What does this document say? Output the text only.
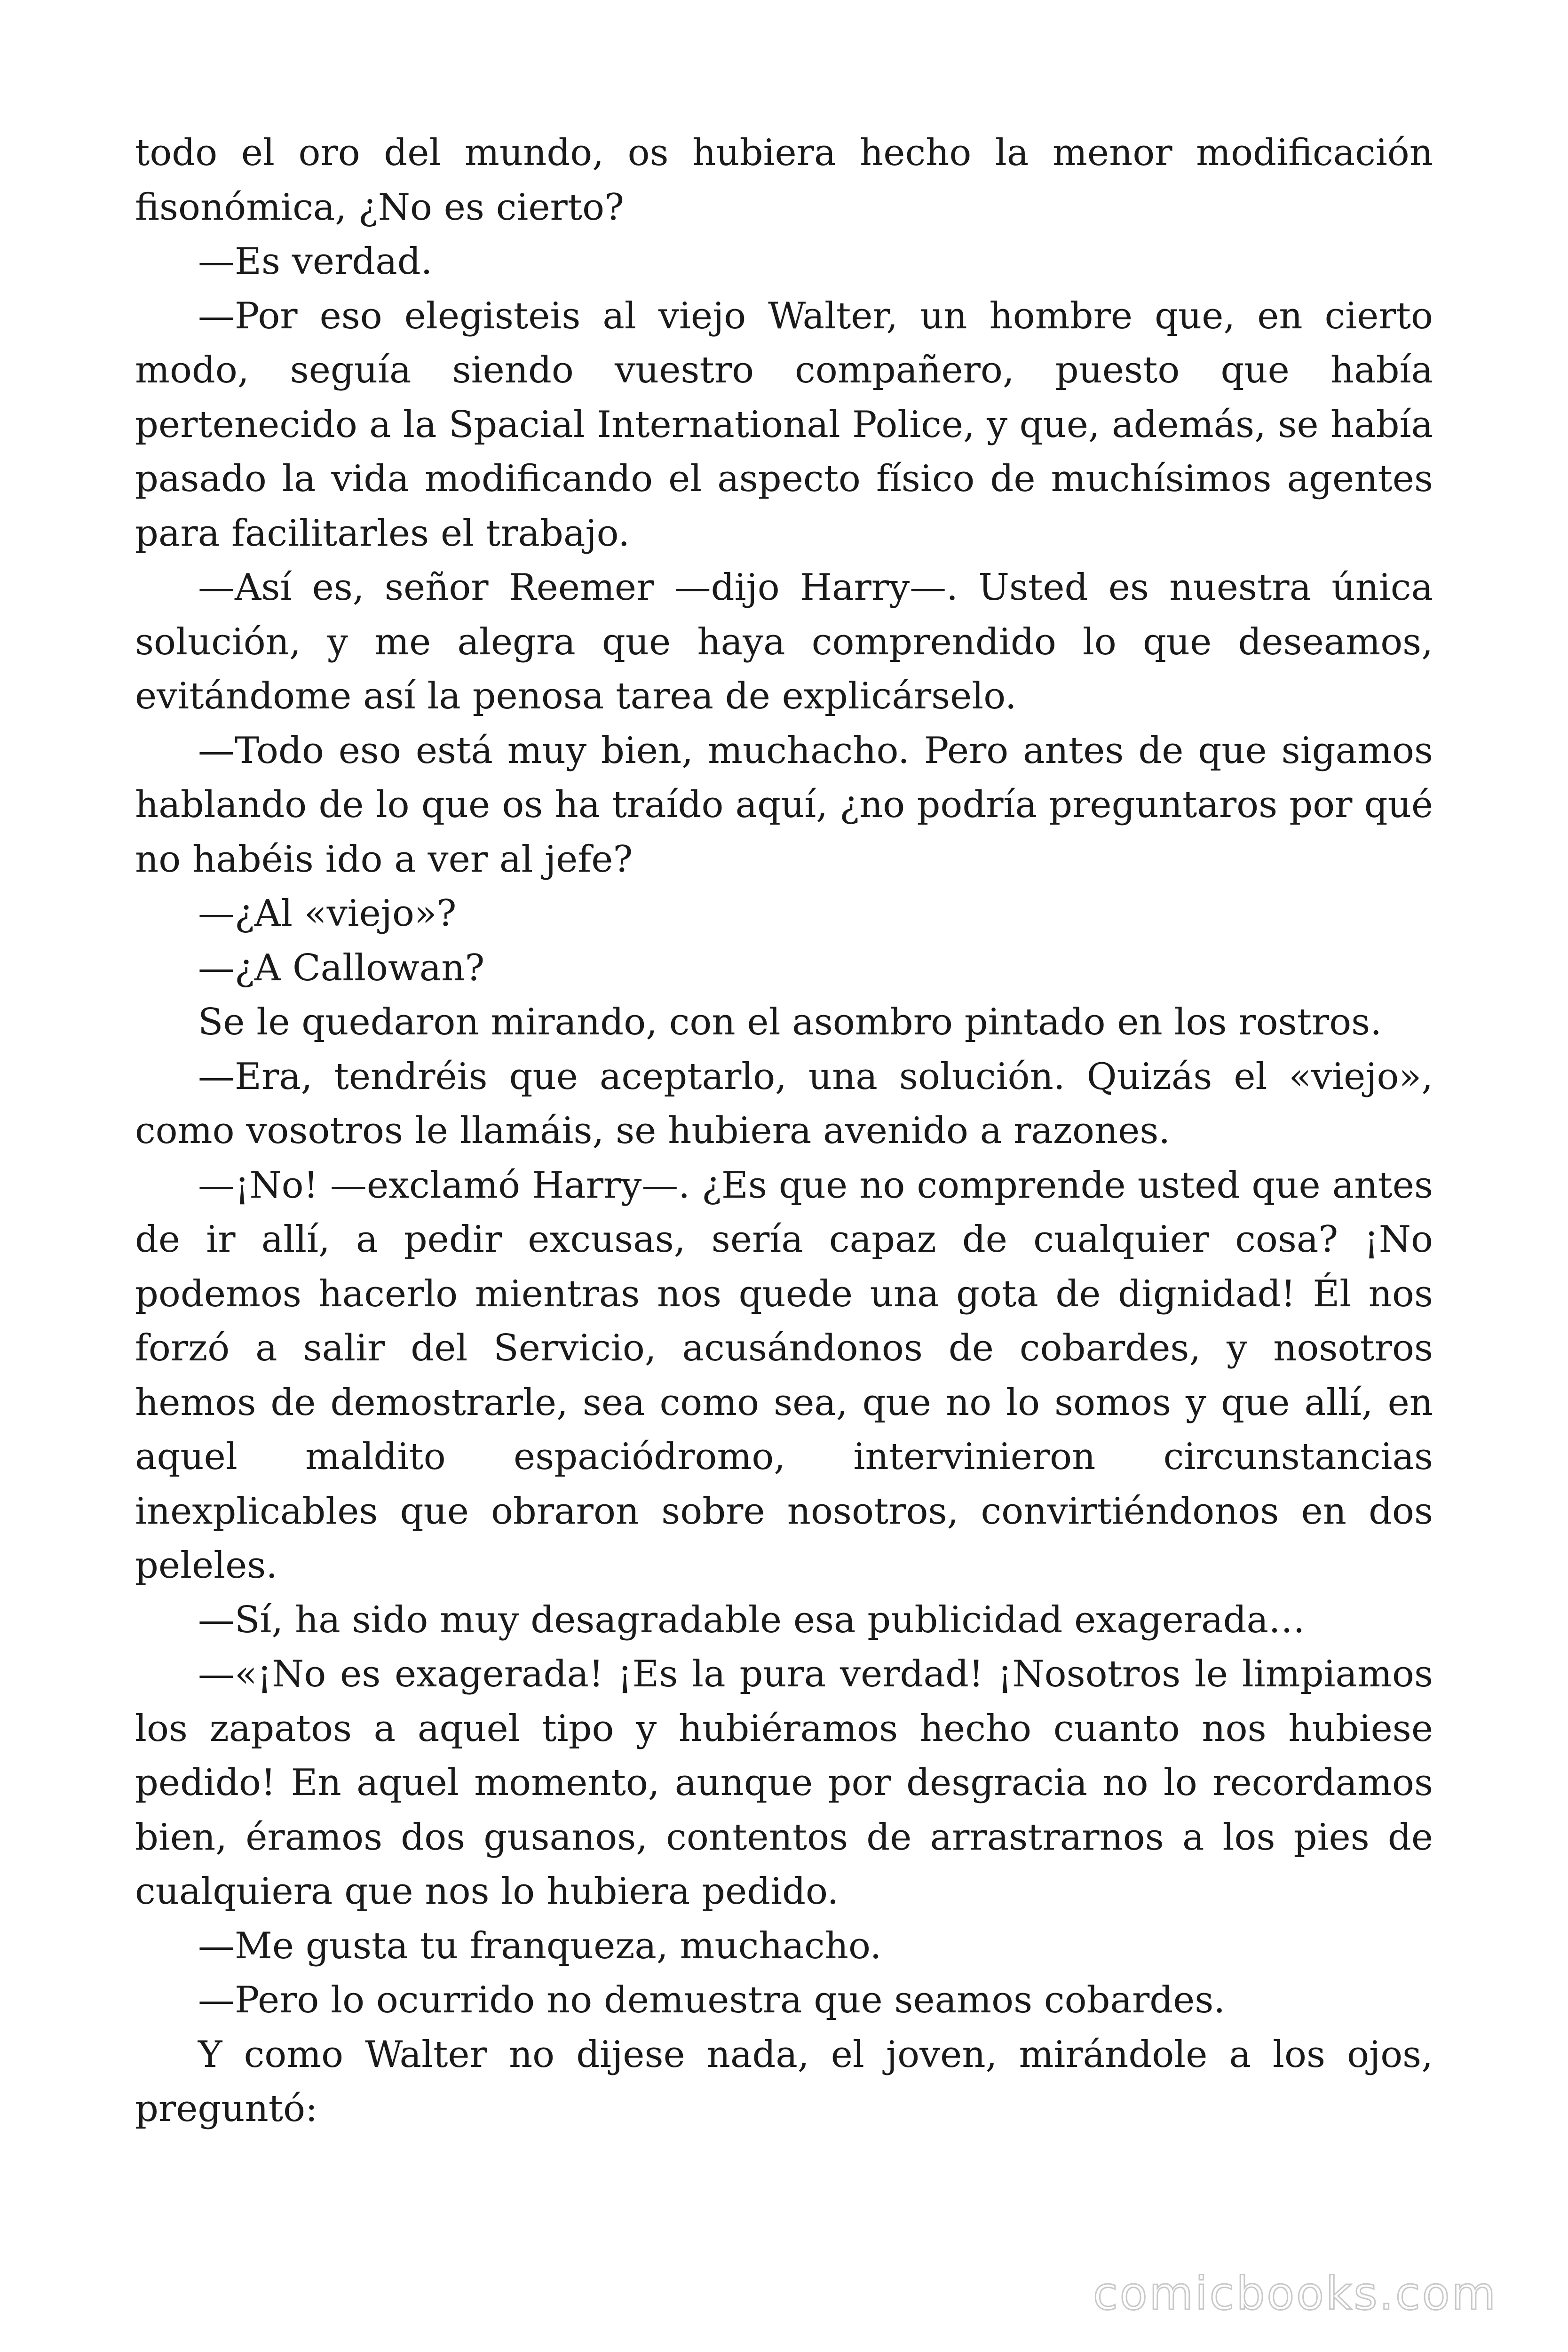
todo el oro del mundo, os hubiera hecho la menor modificación fisonómica, ¿No es cierto?

—Es verdad.

—Por eso elegisteis al viejo Walter, un hombre que, en cierto modo, seguía siendo vuestro compañero, puesto que había pertenecido a la Spacial International Police, y que, además, se había pasado la vida modificando el aspecto físico de muchísimos agentes para facilitarles el trabajo.

—Así es, señor Reemer —dijo Harry—. Usted es nuestra única solución, y me alegra que haya comprendido lo que deseamos, evitándome así la penosa tarea de explicárselo.

—Todo eso está muy bien, muchacho. Pero antes de que sigamos hablando de lo que os ha traído aquí, ¿no podría preguntaros por qué no habéis ido a ver al jefe?

—¿Al «viejo»?

—¿A Callowan?

Se le quedaron mirando, con el asombro pintado en los rostros.

—Era, tendréis que aceptarlo, una solución. Quizás el «viejo», como vosotros le llamáis, se hubiera avenido a razones.

—¡No! —exclamó Harry—. ¿Es que no comprende usted que antes de ir allí, a pedir excusas, sería capaz de cualquier cosa? ¡No podemos hacerlo mientras nos quede una gota de dignidad! Él nos forzó a salir del Servicio, acusándonos de cobardes, y nosotros hemos de demostrarle, sea como sea, que no lo somos y que allí, en aquel maldito espaciódromo, intervinieron circunstancias inexplicables que obraron sobre nosotros, convirtiéndonos en dos peleles.

—Sí, ha sido muy desagradable esa publicidad exagerada…

—«¡No es exagerada! ¡Es la pura verdad! ¡Nosotros le limpiamos los zapatos a aquel tipo y hubiéramos hecho cuanto nos hubiese pedido! En aquel momento, aunque por desgracia no lo recordamos bien, éramos dos gusanos, contentos de arrastrarnos a los pies de cualquiera que nos lo hubiera pedido.

—Me gusta tu franqueza, muchacho.

—Pero lo ocurrido no demuestra que seamos cobardes.

Y como Walter no dijese nada, el joven, mirándole a los ojos, preguntó:

comicbooks.com
